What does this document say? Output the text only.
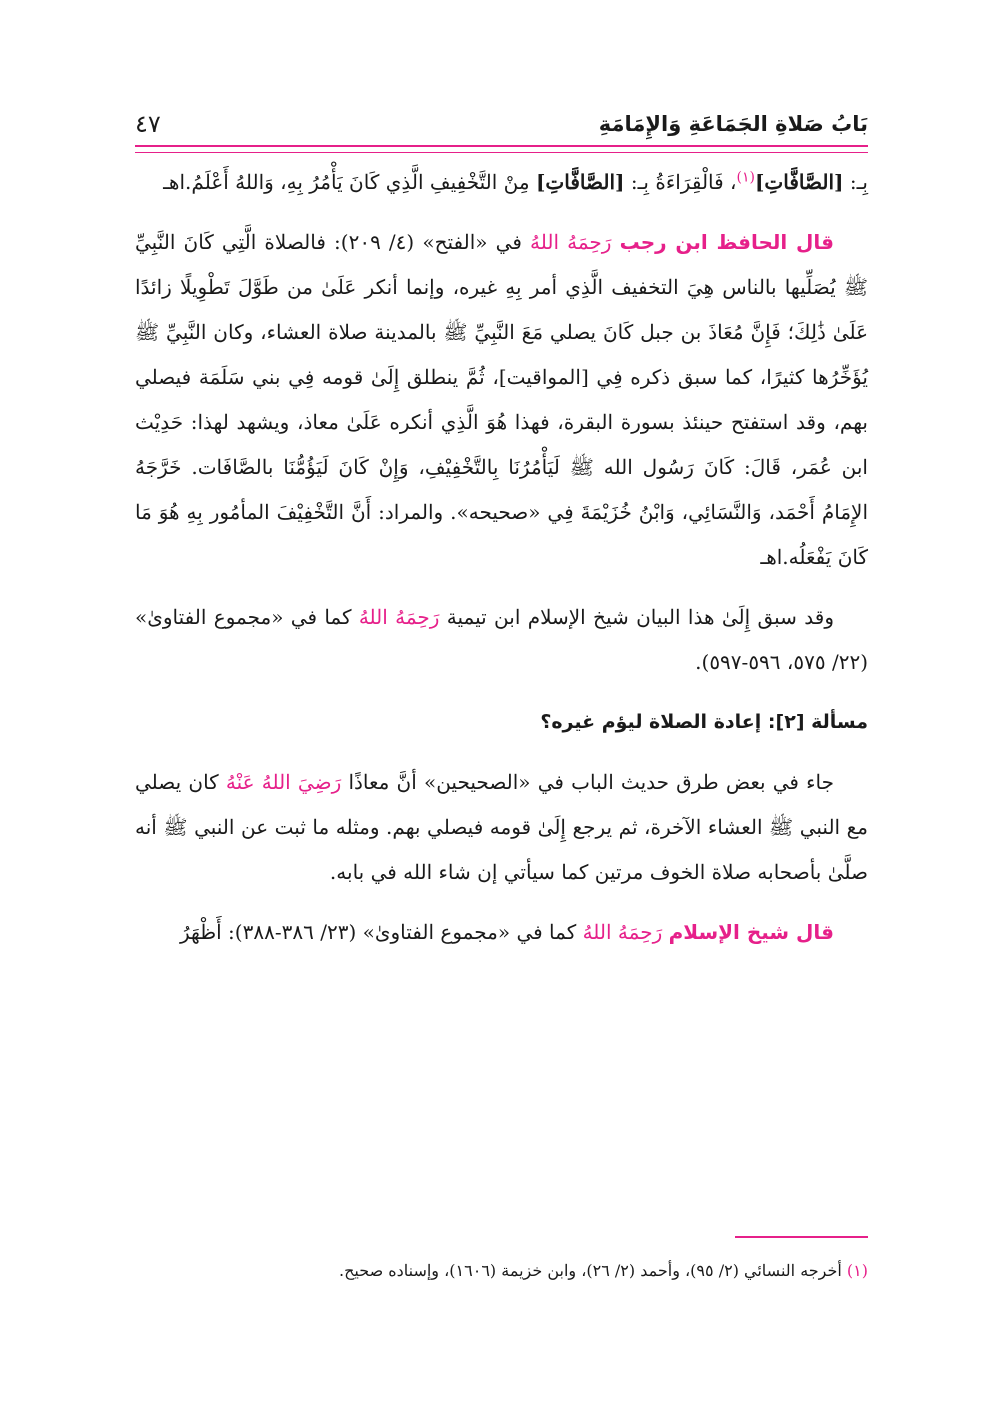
بَابُ صَلاةِ الجَمَاعَةِ وَالإِمَامَةِ
٤٧

بِـ: [الصَّافَّاتِ]$^{(١)}$، فَالْقِرَاءَةُ بِـ: [الصَّافَّاتِ] مِنْ التَّخْفِيفِ الَّذِي كَانَ يَأْمُرُ بِهِ، وَاللهُ أَعْلَمُ.اهـ

قال الحافظ ابن رجب رَحِمَهُ اللهُ في «الفتح» (٤/ ٢٠٩): فالصلاة الَّتِي كَانَ النَّبِيِّ ﷺ يُصَلِّيها بالناس هِيَ التخفيف الَّذِي أمر بِهِ غيره، وإنما أنكر عَلَىٰ من طَوَّلَ تَطْوِيلًا زائدًا عَلَىٰ ذَٰلِكَ؛ فَإِنَّ مُعَاذَ بن جبل كَانَ يصلي مَعَ النَّبِيِّ ﷺ بالمدينة صلاة العشاء، وكان النَّبِيِّ ﷺ يُؤَخِّرُها كثيرًا، كما سبق ذكره فِي [المواقيت]، ثُمَّ ينطلق إِلَىٰ قومه فِي بني سَلَمَة فيصلي بهم، وقد استفتح حينئذ بسورة البقرة، فهذا هُوَ الَّذِي أنكره عَلَىٰ معاذ، ويشهد لهذا: حَدِيْث ابن عُمَر، قَالَ: كَانَ رَسُول الله ﷺ لَيَأْمُرُنَا بِالتَّخْفِيْفِ، وَإِنْ كَانَ لَيَؤُمُّنَا بالصَّافَات. خَرَّجَهُ الإِمَامُ أَحْمَد، وَالنَّسَائِي، وَابْنُ خُزَيْمَةَ فِي «صحيحه». والمراد: أَنَّ التَّخْفِيْفَ المأمُور بِهِ هُوَ مَا كَانَ يَفْعَلُه.اهـ

وقد سبق إِلَىٰ هذا البيان شيخ الإسلام ابن تيمية رَحِمَهُ اللهُ كما في «مجموع الفتاوىٰ» (٢٢/ ٥٧٥، ٥٩٦-٥٩٧).

مسألة [٢]: إعادة الصلاة ليؤم غيره؟

جاء في بعض طرق حديث الباب في «الصحيحين» أنَّ معاذًا رَضِيَ اللهُ عَنْهُ كان يصلي مع النبي ﷺ العشاء الآخرة، ثم يرجع إِلَىٰ قومه فيصلي بهم. ومثله ما ثبت عن النبي ﷺ أنه صلَّىٰ بأصحابه صلاة الخوف مرتين كما سيأتي إن شاء الله في بابه.

قال شيخ الإسلام رَحِمَهُ اللهُ كما في «مجموع الفتاوىٰ» (٢٣/ ٣٨٦-٣٨٨): أَظْهَرُ

(١) أخرجه النسائي (٢/ ٩٥)، وأحمد (٢/ ٢٦)، وابن خزيمة (١٦٠٦)، وإسناده صحيح.
